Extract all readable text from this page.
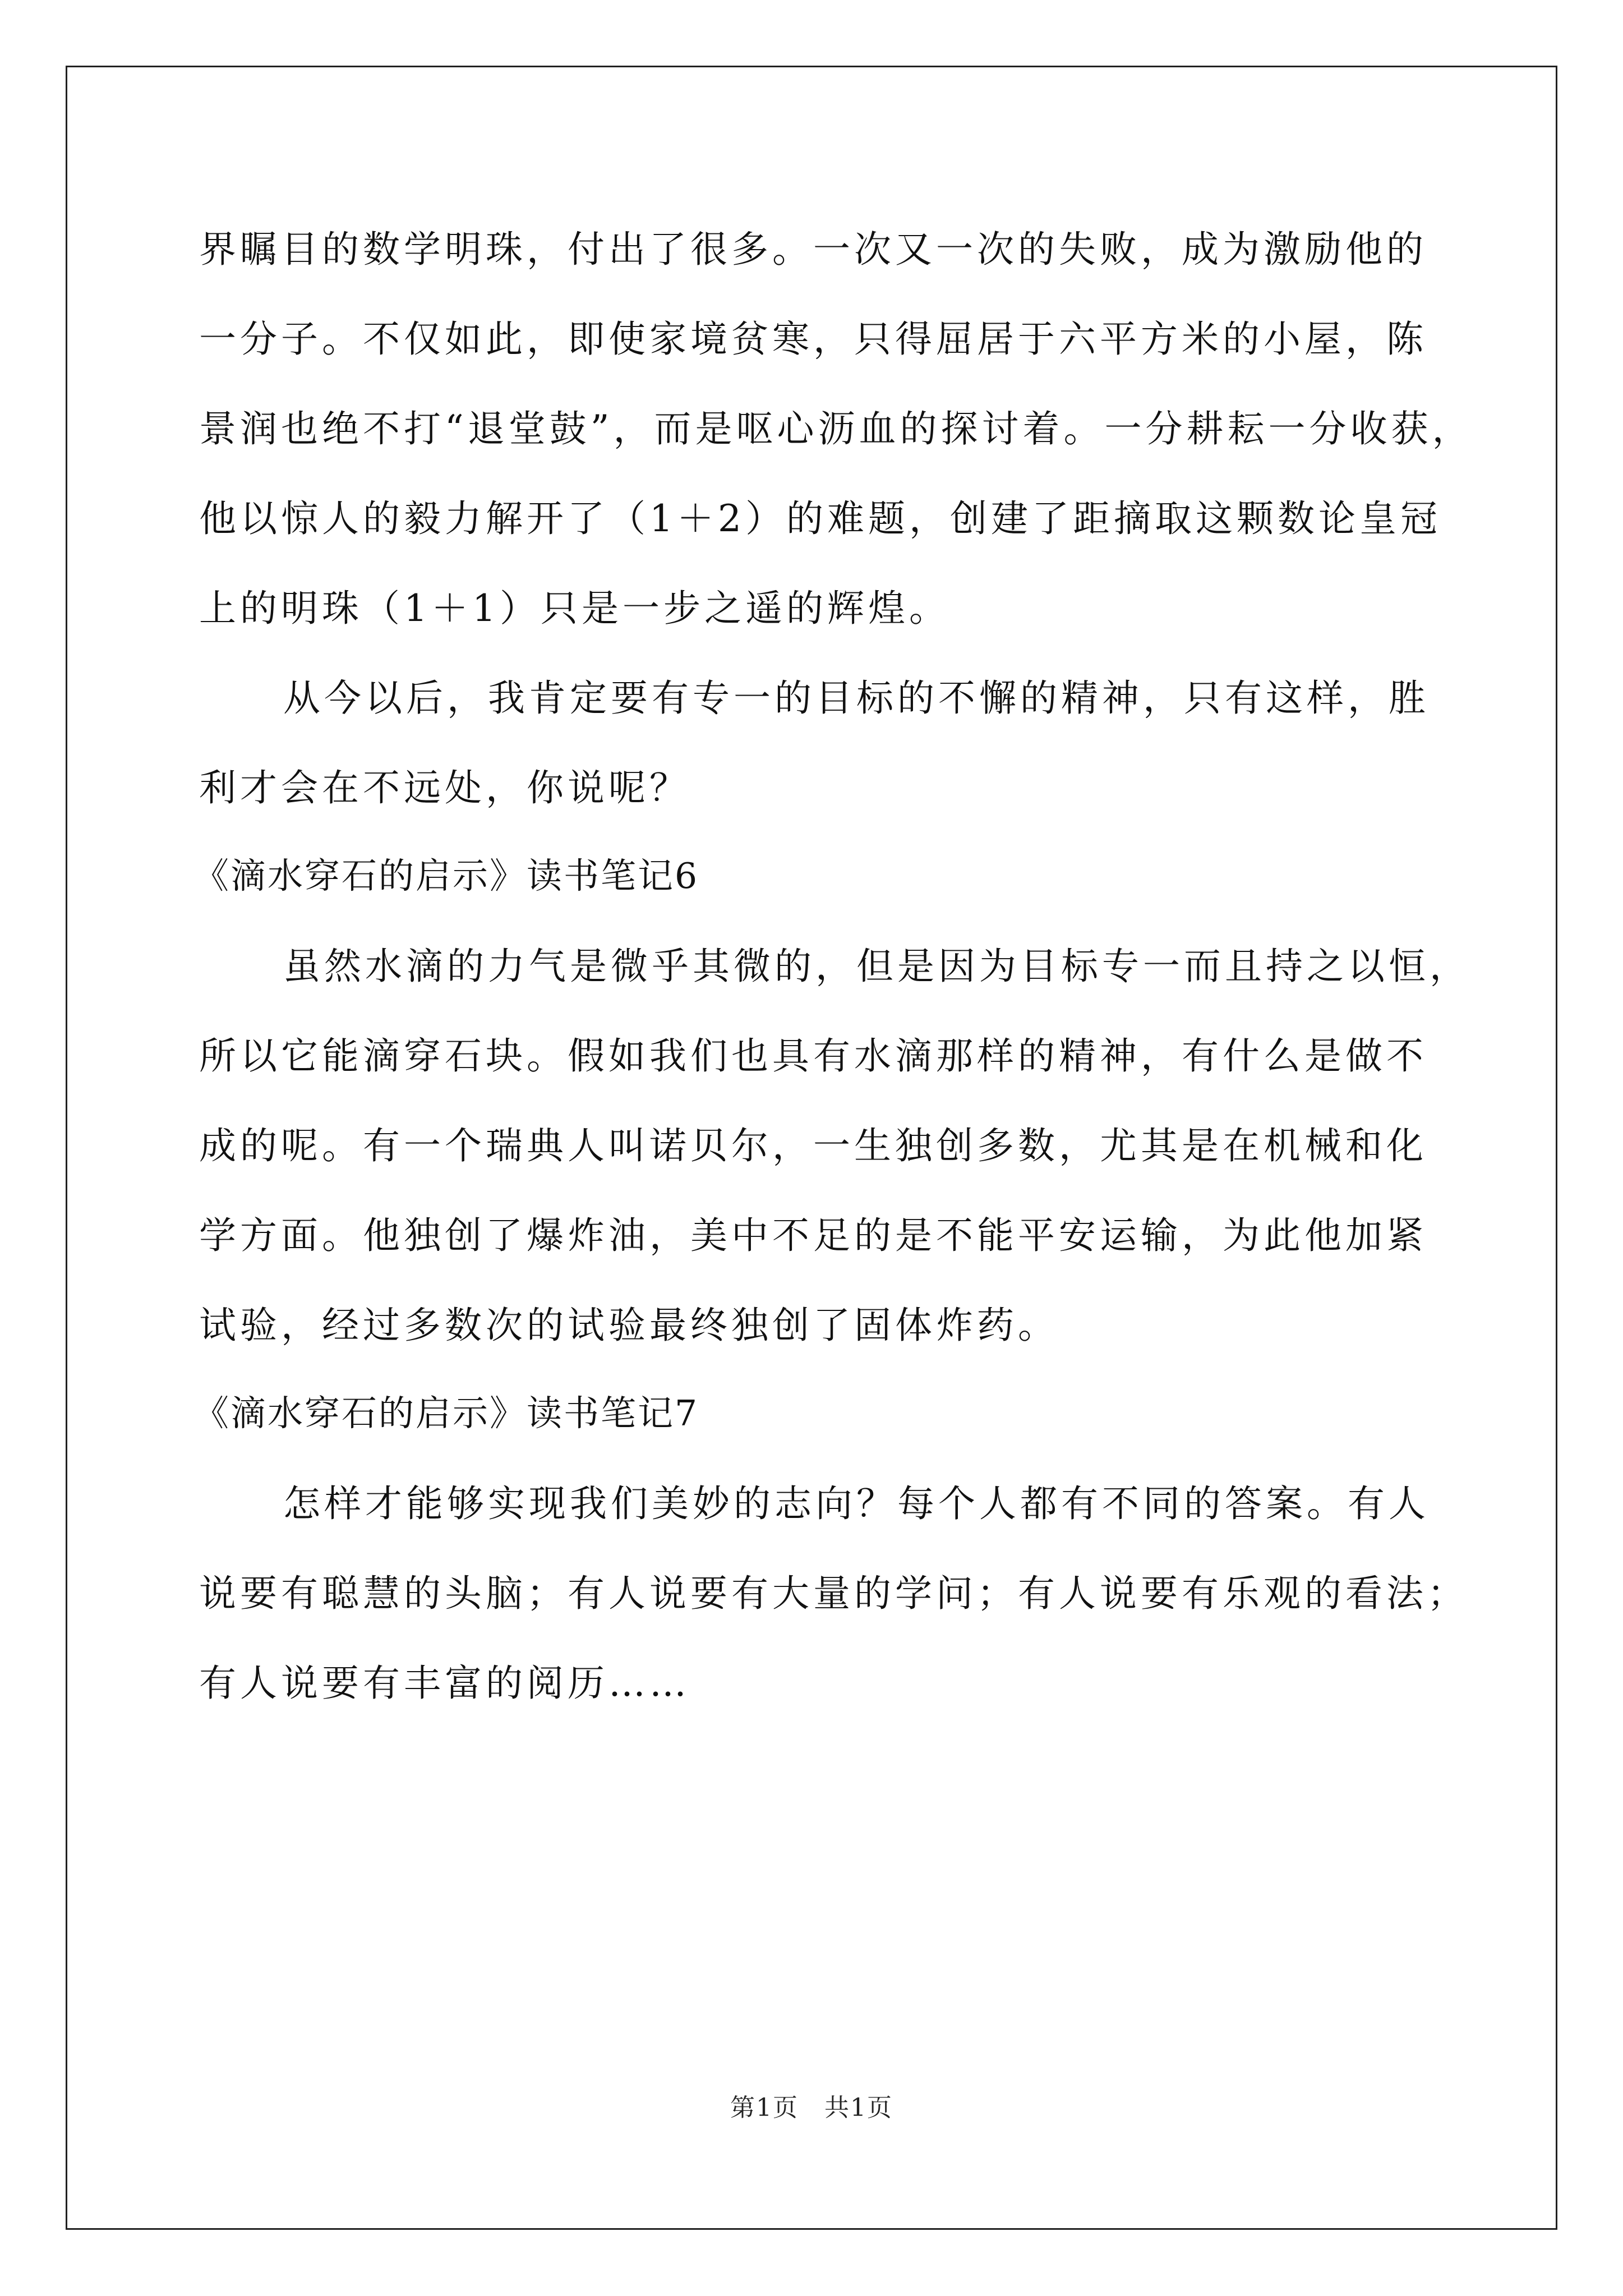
界瞩目的数学明珠，付出了很多。一次又一次的失败，成为激励他的
一分子。不仅如此，即使家境贫寒，只得屈居于六平方米的小屋，陈
景润也绝不打“退堂鼓”，而是呕心沥血的探讨着。一分耕耘一分收获，
他以惊人的毅力解开了（1＋2）的难题，创建了距摘取这颗数论皇冠
上的明珠（1＋1）只是一步之遥的辉煌。
从今以后，我肯定要有专一的目标的不懈的精神，只有这样，胜
利才会在不远处，你说呢？
《滴水穿石的启示》读书笔记6
虽然水滴的力气是微乎其微的，但是因为目标专一而且持之以恒，
所以它能滴穿石块。假如我们也具有水滴那样的精神，有什么是做不
成的呢。有一个瑞典人叫诺贝尔，一生独创多数，尤其是在机械和化
学方面。他独创了爆炸油，美中不足的是不能平安运输，为此他加紧
试验，经过多数次的试验最终独创了固体炸药。
《滴水穿石的启示》读书笔记7
怎样才能够实现我们美妙的志向？每个人都有不同的答案。有人
说要有聪慧的头脑；有人说要有大量的学问；有人说要有乐观的看法；
有人说要有丰富的阅历……
第1页　共1页
